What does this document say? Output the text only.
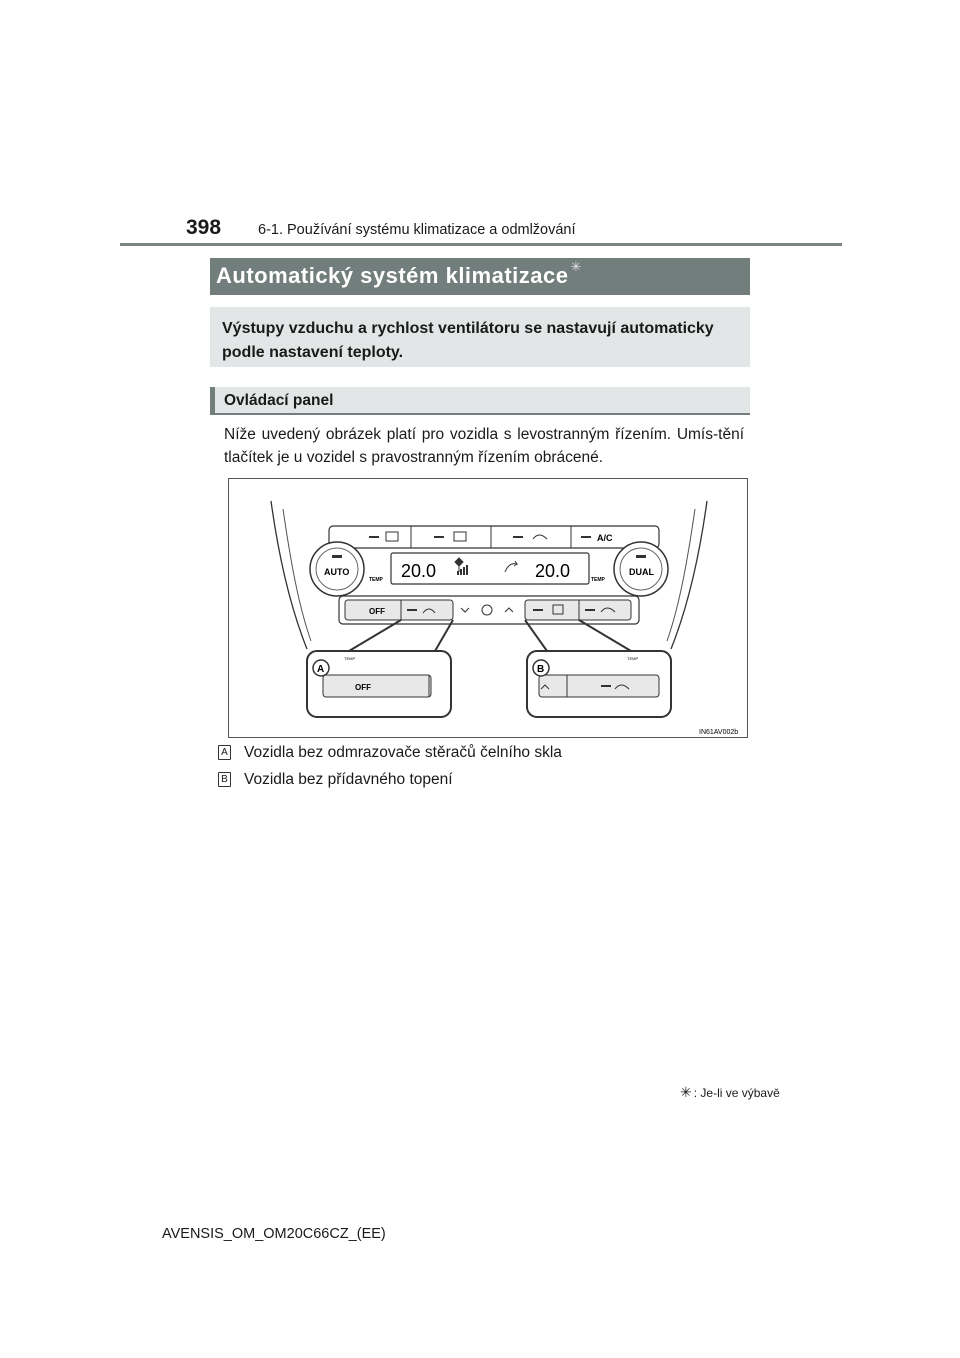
398	6-1. Používání systému klimatizace a odmlžování
Automatický systém klimatizace ✳
Výstupy vzduchu a rychlost ventilátoru se nastavují automaticky podle nastavení teploty.
Ovládací panel
Níže uvedený obrázek platí pro vozidla s levostranným řízením. Umís-tění tlačítek je u vozidel s pravostranným řízením obrácené.
A/C
AUTO
TEMP
DUAL
TEMP
20.0	20.0
OFF
OFF
TEMP
A
TEMP
B
IN61AV002b
A Vozidla bez odmrazovače stěračů čelního skla
B Vozidla bez přídavného topení
✳ : Je-li ve výbavě
AVENSIS_OM_OM20C66CZ_(EE)
